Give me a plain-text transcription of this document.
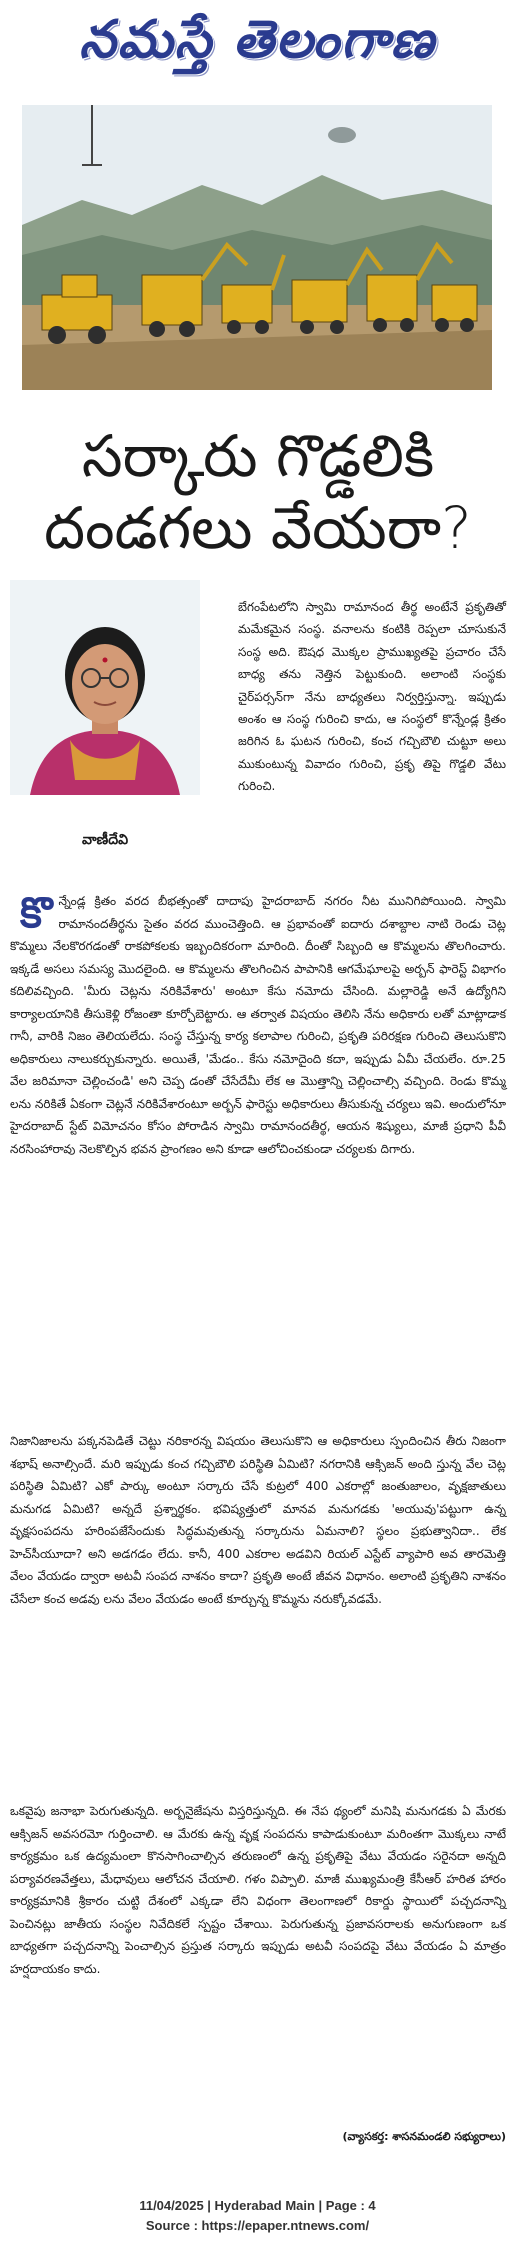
నమస్తే తెలంగాణ
సర్కారు గొడ్డలికి
దండగలు వేయరా?
వాణీదేవి
బేగంపేటలోని స్వామి రామానంద తీర్థ అంటేనే ప్రకృతితో మమేకమైన సంస్థ. వనాలను కంటికి రెప్పలా చూసుకునే సంస్థ అది. ఔషధ మొక్కల ప్రాముఖ్యతపై ప్రచారం చేసే బాధ్య తను నెత్తిన పెట్టుకుంది. అలాంటి సంస్థకు చైర్‌పర్సన్‌గా నేను బాధ్యతలు నిర్వర్తిస్తున్నా. ఇప్పుడు అంశం ఆ సంస్థ గురించి కాదు, ఆ సంస్థలో కొన్నేండ్ల క్రితం జరిగిన ఓ ఘటన గురించి, కంచ గచ్చిబౌలి చుట్టూ అలు ముకుంటున్న వివాదం గురించి, ప్రకృ తిపై గొడ్డలి వేటు గురించి.
కొన్నేండ్ల క్రితం వరద బీభత్సంతో దాదాపు హైదరాబాద్ నగరం నీట మునిగిపోయింది. స్వామి రామానందతీర్థను సైతం వరద ముంచెత్తింది. ఆ ప్రభావంతో ఐదారు దశాబ్దాల నాటి రెండు చెట్ల కొమ్మలు నేలకొరగడంతో రాకపోకలకు ఇబ్బందికరంగా మారింది. దీంతో సిబ్బంది ఆ కొమ్మలను తొలగించారు. ఇక్కడే అసలు సమస్య మొదలైంది. ఆ కొమ్మలను తొలగించిన పాపానికి ఆగమేఘాలపై అర్బన్ ఫారెస్ట్ విభాగం కదిలివచ్చింది. 'మీరు చెట్లను నరికివేశారు' అంటూ కేసు నమోదు చేసింది. మల్లారెడ్డి అనే ఉద్యోగిని కార్యాలయానికి తీసుకెళ్లి రోజంతా కూర్చోబెట్టారు. ఆ తర్వాత విషయం తెలిసి నేను అధికారు లతో మాట్లాడాక గానీ, వారికి నిజం తెలియలేదు. సంస్థ చేస్తున్న కార్య కలాపాల గురించి, ప్రకృతి పరిరక్షణ గురించి తెలుసుకొని అధికారులు నాలుకర్చుకున్నారు. అయితే, 'మేడం.. కేసు నమోదైంది కదా, ఇప్పుడు ఏమీ చేయలేం. రూ.25 వేల జరిమానా చెల్లించండి' అని చెప్ప డంతో చేసేదేమీ లేక ఆ మొత్తాన్ని చెల్లించాల్సి వచ్చింది. రెండు కొమ్మ లను నరికితే ఏకంగా చెట్లనే నరికివేశారంటూ అర్బన్ ఫారెస్టు అధికారులు తీసుకున్న చర్యలు ఇవి. అందులోనూ హైదరాబాద్ స్టేట్ విమోచనం కోసం పోరాడిన స్వామి రామానందతీర్థ, ఆయన శిష్యులు, మాజీ ప్రధాని పీవీ నరసింహారావు నెలకొల్పిన భవన ప్రాంగణం అని కూడా ఆలోచించకుండా చర్యలకు దిగారు.
నిజానిజాలను పక్కనపెడితే చెట్టు నరికారన్న విషయం తెలుసుకొని ఆ అధికారులు స్పందించిన తీరు నిజంగా శభాష్ అనాల్సిందే. మరి ఇప్పుడు కంచ గచ్చిబౌలి పరిస్థితి ఏమిటి? నగరానికి ఆక్సిజన్ అంది స్తున్న వేల చెట్ల పరిస్థితి ఏమిటి? ఎకో పార్కు అంటూ సర్కారు చేసే కుట్రలో 400 ఎకరాల్లో జంతుజాలం, వృక్షజాతులు మనుగడ ఏమిటి? అన్నదే ప్రశ్నార్థకం. భవిష్యత్తులో మానవ మనుగడకు 'అయువు'పట్టుగా ఉన్న వృక్షసంపదను హరింపజేసేందుకు సిద్ధమవుతున్న సర్కారును ఏమనాలి? స్థలం ప్రభుత్వానిదా.. లేక హెచ్‌సీయూదా? అని అడగడం లేదు. కానీ, 400 ఎకరాల అడవిని రియల్ ఎస్టేట్ వ్యాపారి అవ తారమెత్తి వేలం వేయడం ద్వారా అటవీ సంపద నాశనం కాదా? ప్రకృతి అంటే జీవన విధానం. అలాంటి ప్రకృతిని నాశనం చేసేలా కంచ అడవు లను వేలం వేయడం అంటే కూర్చున్న కొమ్మను నరుక్కోవడమే.
ఒకవైపు జనాభా పెరుగుతున్నది. అర్బనైజేషను విస్తరిస్తున్నది. ఈ నేప థ్యంలో మనిషి మనుగడకు ఏ మేరకు ఆక్సిజన్ అవసరమో గుర్తించాలి. ఆ మేరకు ఉన్న వృక్ష సంపదను కాపాడుకుంటూ మరింతగా మొక్కలు నాటే కార్యక్రమం ఒక ఉద్యమంలా కొనసాగించాల్సిన తరుణంలో ఉన్న ప్రకృతిపై వేటు వేయడం సరైనదా అన్నది పర్యావరణవేత్తలు, మేధావులు ఆలోచన చేయాలి. గళం విప్పాలి. మాజీ ముఖ్యమంత్రి కేసీఆర్ హరిత హారం కార్యక్రమానికి శ్రీకారం చుట్టి దేశంలో ఎక్కడా లేని విధంగా తెలంగాణలో రికార్డు స్థాయిలో పచ్చదనాన్ని పెంచినట్లు జాతీయ సంస్థల నివేదికలే స్పష్టం చేశాయి. పెరుగుతున్న ప్రజావసరాలకు అనుగుణంగా ఒక బాధ్యతగా పచ్చదనాన్ని పెంచాల్సిన ప్రస్తుత సర్కారు ఇప్పుడు అటవీ సంపదపై వేటు వేయడం ఏ మాత్రం హర్షదాయకం కాదు.
(వ్యాసకర్త: శాసనమండలి సభ్యురాలు)
11/04/2025 | Hyderabad Main | Page : 4
Source : https://epaper.ntnews.com/
